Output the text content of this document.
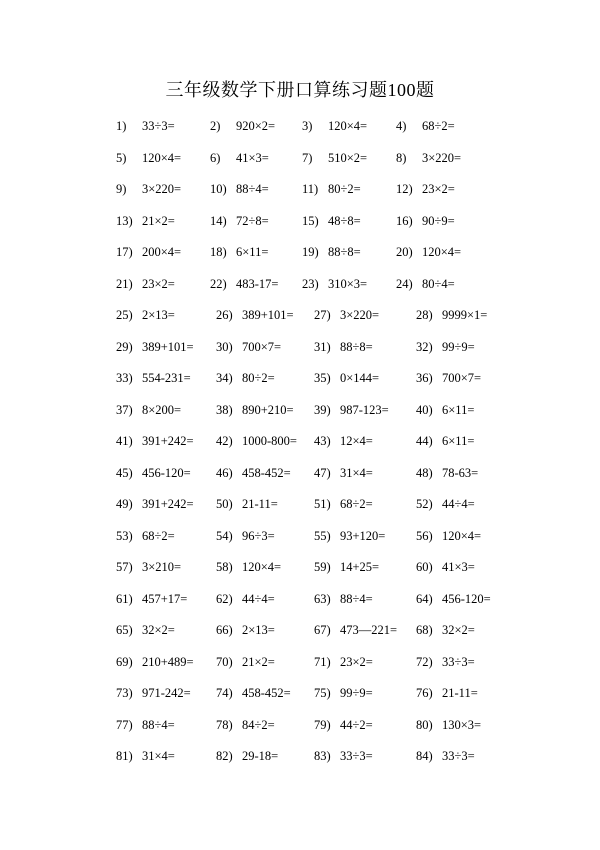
三年级数学下册口算练习题100题
1) 33÷3=	2) 920×2= 3) 120×4= 4) 68÷2=
5) 120×4= 6) 41×3=	7) 510×2= 8) 3×220=
9) 3×220= 10) 88÷4=	11) 80÷2=	12) 23×2=
13) 21×2=	14) 72÷8=	15) 48÷8=	16) 90÷9=
17) 200×4= 18) 6×11=	19) 88÷8=	20) 120×4=
21) 23×2=	22) 483-17= 23) 310×3= 24) 80÷4=
25) 2×13=	26) 389+101= 27) 3×220=	28) 9999×1=
29) 389+101= 30) 700×7=	31) 88÷8=	32) 99÷9=
33) 554-231= 34) 80÷2=	35) 0×144=	36) 700×7=
37) 8×200=	38) 890+210= 39) 987-123= 40) 6×11=
41) 391+242= 42) 1000-800= 43) 12×4=	44) 6×11=
45) 456-120= 46) 458-452= 47) 31×4=	48) 78-63=
49) 391+242= 50) 21-11=	51) 68÷2=	52) 44÷4=
53) 68÷2=	54) 96÷3=	55) 93+120= 56) 120×4=
57) 3×210=	58) 120×4=	59) 14+25=	60) 41×3=
61) 457+17= 62) 44÷4=	63) 88÷4=	64) 456-120=
65) 32×2=	66) 2×13=	67) 473—221= 68) 32×2=
69) 210+489= 70) 21×2=	71) 23×2=	72) 33÷3=
73) 971-242= 74) 458-452= 75) 99÷9=	76) 21-11=
77) 88÷4=	78) 84÷2=	79) 44÷2=	80) 130×3=
81) 31×4=	82) 29-18=	83) 33÷3=	84) 33÷3=
